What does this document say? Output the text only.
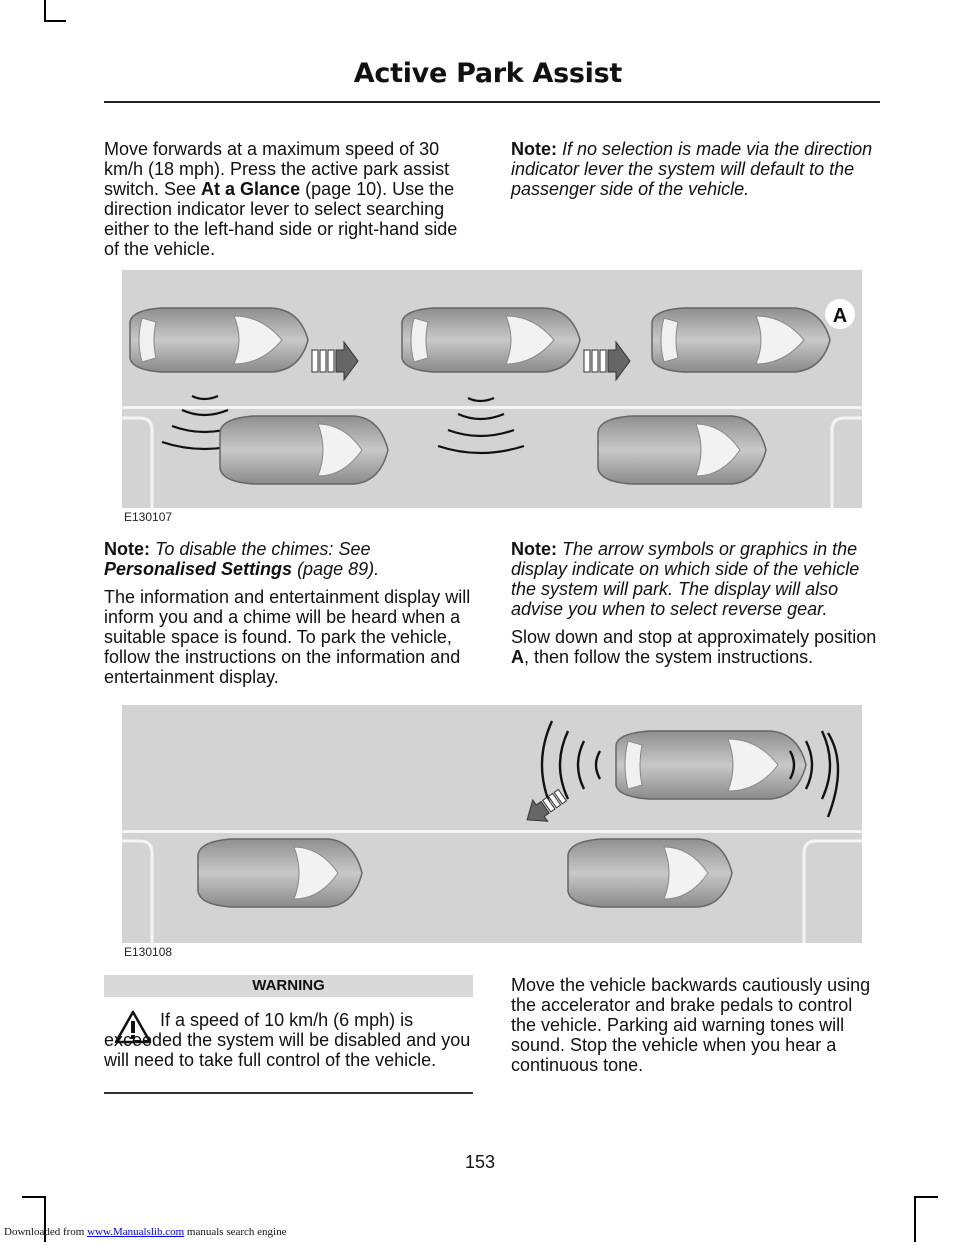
Active Park Assist
Move forwards at a maximum speed of 30 km/h (18 mph). Press the active park assist switch. See At a Glance (page 10). Use the direction indicator lever to select searching either to the left-hand side or right-hand side of the vehicle.
Note: If no selection is made via the direction indicator lever the system will default to the passenger side of the vehicle.
A
E130107
Note: To disable the chimes: See Personalised Settings (page 89).
The information and entertainment display will inform you and a chime will be heard when a suitable space is found. To park the vehicle, follow the instructions on the information and entertainment display.
Note: The arrow symbols or graphics in the display indicate on which side of the vehicle the system will park. The display will also advise you when to select reverse gear.
Slow down and stop at approximately position A, then follow the system instructions.
E130108
WARNING
If a speed of 10 km/h (6 mph) is exceeded the system will be disabled and you will need to take full control of the vehicle.
Move the vehicle backwards cautiously using the accelerator and brake pedals to control the vehicle. Parking aid warning tones will sound. Stop the vehicle when you hear a continuous tone.
153
Downloaded from www.Manualslib.com manuals search engine
